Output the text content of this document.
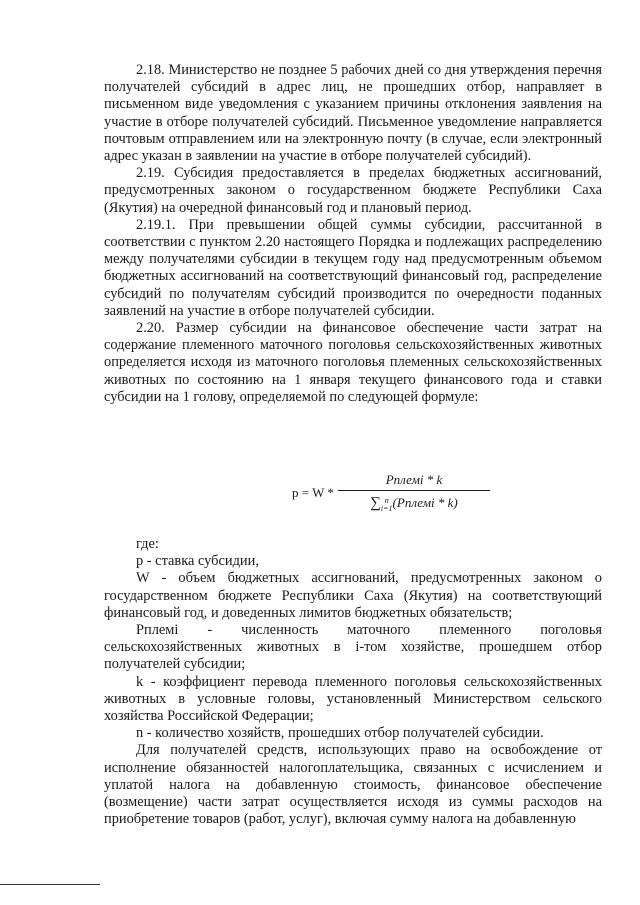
2.18. Министерство не позднее 5 рабочих дней со дня утверждения перечня получателей субсидий в адрес лиц, не прошедших отбор, направляет в письменном виде уведомления с указанием причины отклонения заявления на участие в отборе получателей субсидий. Письменное уведомление направляется почтовым отправлением или на электронную почту (в случае, если электронный адрес указан в заявлении на участие в отборе получателей субсидий).

2.19. Субсидия предоставляется в пределах бюджетных ассигнований, предусмотренных законом о государственном бюджете Республики Саха (Якутия) на очередной финансовый год и плановый период.

2.19.1. При превышении общей суммы субсидии, рассчитанной в соответствии с пунктом 2.20 настоящего Порядка и подлежащих распределению между получателями субсидии в текущем году над предусмотренным объемом бюджетных ассигнований на соответствующий финансовый год, распределение субсидий по получателям субсидий производится по очередности поданных заявлений на участие в отборе получателей субсидии.

2.20. Размер субсидии на финансовое обеспечение части затрат на содержание племенного маточного поголовья сельскохозяйственных животных определяется исходя из маточного поголовья племенных сельскохозяйственных животных по состоянию на 1 января текущего финансового года и ставки субсидии на 1 голову, определяемой по следующей формуле:

p = W *
Pплемi * k
∑ n
i=1(Pплемi * k)

где:

p - ставка субсидии,

W - объем бюджетных ассигнований, предусмотренных законом о государственном бюджете Республики Саха (Якутия) на соответствующий финансовый год, и доведенных лимитов бюджетных обязательств;

Pплемi - численность маточного племенного поголовья сельскохозяйственных животных в i-том хозяйстве, прошедшем отбор получателей субсидии;

k - коэффициент перевода племенного поголовья сельскохозяйственных животных в условные головы, установленный Министерством сельского хозяйства Российской Федерации;

n - количество хозяйств, прошедших отбор получателей субсидии.

Для получателей средств, использующих право на освобождение от исполнение обязанностей налогоплательщика, связанных с исчислением и уплатой налога на добавленную стоимость, финансовое обеспечение (возмещение) части затрат осуществляется исходя из суммы расходов на приобретение товаров (работ, услуг), включая сумму налога на добавленную
